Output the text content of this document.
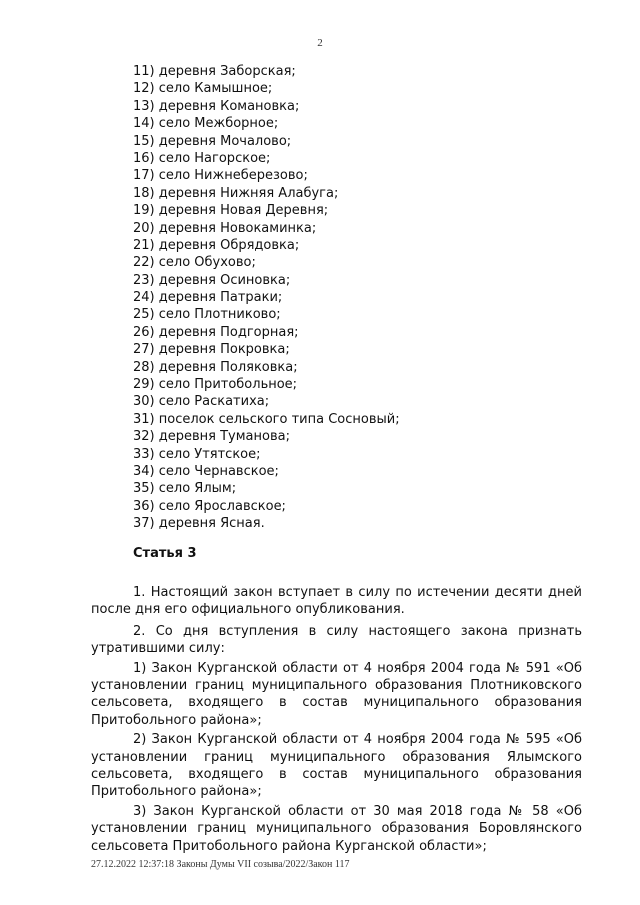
2
11) деревня Заборская;
12) село Камышное;
13) деревня Команoвка;
14) село Межборное;
15) деревня Мочалово;
16) село Нагорское;
17) село Нижнеберезово;
18) деревня Нижняя Алабуга;
19) деревня Новая Деревня;
20) деревня Новокаминка;
21) деревня Обрядовка;
22) село Обухово;
23) деревня Осиновка;
24) деревня Патраки;
25) село Плотниково;
26) деревня Подгорная;
27) деревня Покровка;
28) деревня Поляковка;
29) село Притобольное;
30) село Раскатиха;
31) поселок сельского типа Сосновый;
32) деревня Туманова;
33) село Утятское;
34) село Чернавское;
35) село Ялым;
36) село Ярославское;
37) деревня Ясная.
Статья 3

1. Настоящий закон вступает в силу по истечении десяти дней после дня его официального опубликования.

2. Со дня вступления в силу настоящего закона признать утратившими силу:

1) Закон Курганской области от 4 ноября 2004 года № 591 «Об установлении границ муниципального образования Плотниковского сельсовета, входящего в состав муниципального образования Притобольного района»;

2) Закон Курганской области от 4 ноября 2004 года № 595 «Об установлении границ муниципального образования Ялымского сельсовета, входящего в состав муниципального образования Притобольного района»;

3) Закон Курганской области от 30 мая 2018 года № 58 «Об установлении границ муниципального образования Боровлянского сельсовета Притобольного района Курганской области»;

27.12.2022 12:37:18 Законы Думы VII созыва/2022/Закон 117
